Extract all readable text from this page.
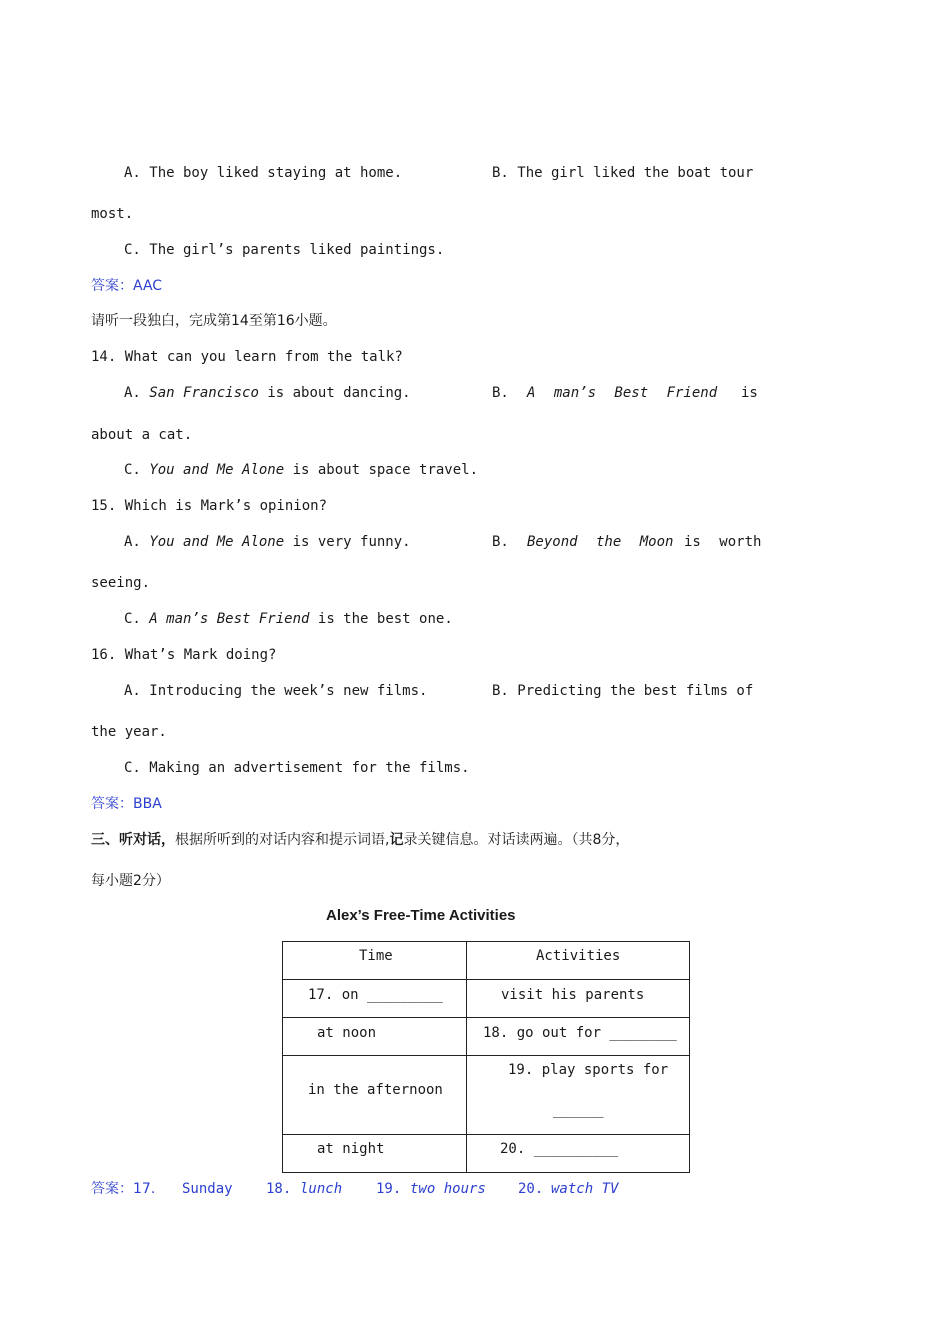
A. The boy liked staying at home.	B. The girl liked the boat tour
most.
C. The girl’s parents liked paintings.
答案：AAC
请听一段独白，完成第14至第16小题。
14. What can you learn from the talk?
A. San Francisco is about dancing.	B. A man’s Best Friend is
about a cat.
C. You and Me Alone is about space travel.
15. Which is Mark’s opinion?
A. You and Me Alone is very funny.	B. Beyond the Moon is worth
seeing.
C. A man’s Best Friend is the best one.
16. What’s Mark doing?
A. Introducing the week’s new films.	B. Predicting the best films of
the year.
C. Making an advertisement for the films.
答案：BBA
三、听对话，根据所听到的对话内容和提示词语,记录关键信息。对话读两遍。（共8分，
每小题2分）
Alex’s Free-Time Activities
Time	Activities

17. on _________	visit his parents

at noon	18. go out for ________

in the afternoon	19. play sports for
______

at night	20. __________
答案：17. Sunday 18. lunch 19. two hours 20. watch TV
